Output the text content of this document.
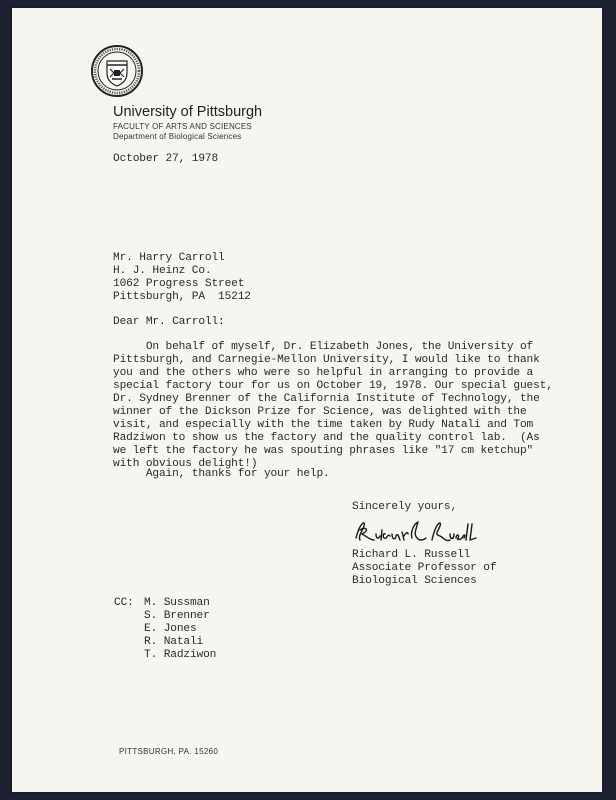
University of Pittsburgh
FACULTY OF ARTS AND SCIENCES
Department of Biological Sciences
October 27, 1978
Mr. Harry Carroll
H. J. Heinz Co.
1062 Progress Street
Pittsburgh, PA  15212
Dear Mr. Carroll:
On behalf of myself, Dr. Elizabeth Jones, the University of
Pittsburgh, and Carnegie-Mellon University, I would like to thank
you and the others who were so helpful in arranging to provide a
special factory tour for us on October 19, 1978. Our special guest,
Dr. Sydney Brenner of the California Institute of Technology, the
winner of the Dickson Prize for Science, was delighted with the
visit, and especially with the time taken by Rudy Natali and Tom
Radziwon to show us the factory and the quality control lab.  (As
we left the factory he was spouting phrases like "17 cm ketchup"
with obvious delight!)
Again, thanks for your help.
Sincerely yours,
Richard L. Russell
Associate Professor of
Biological Sciences
CC: M. Sussman
S. Brenner
E. Jones
R. Natali
T. Radziwon
PITTSBURGH, PA. 15260
